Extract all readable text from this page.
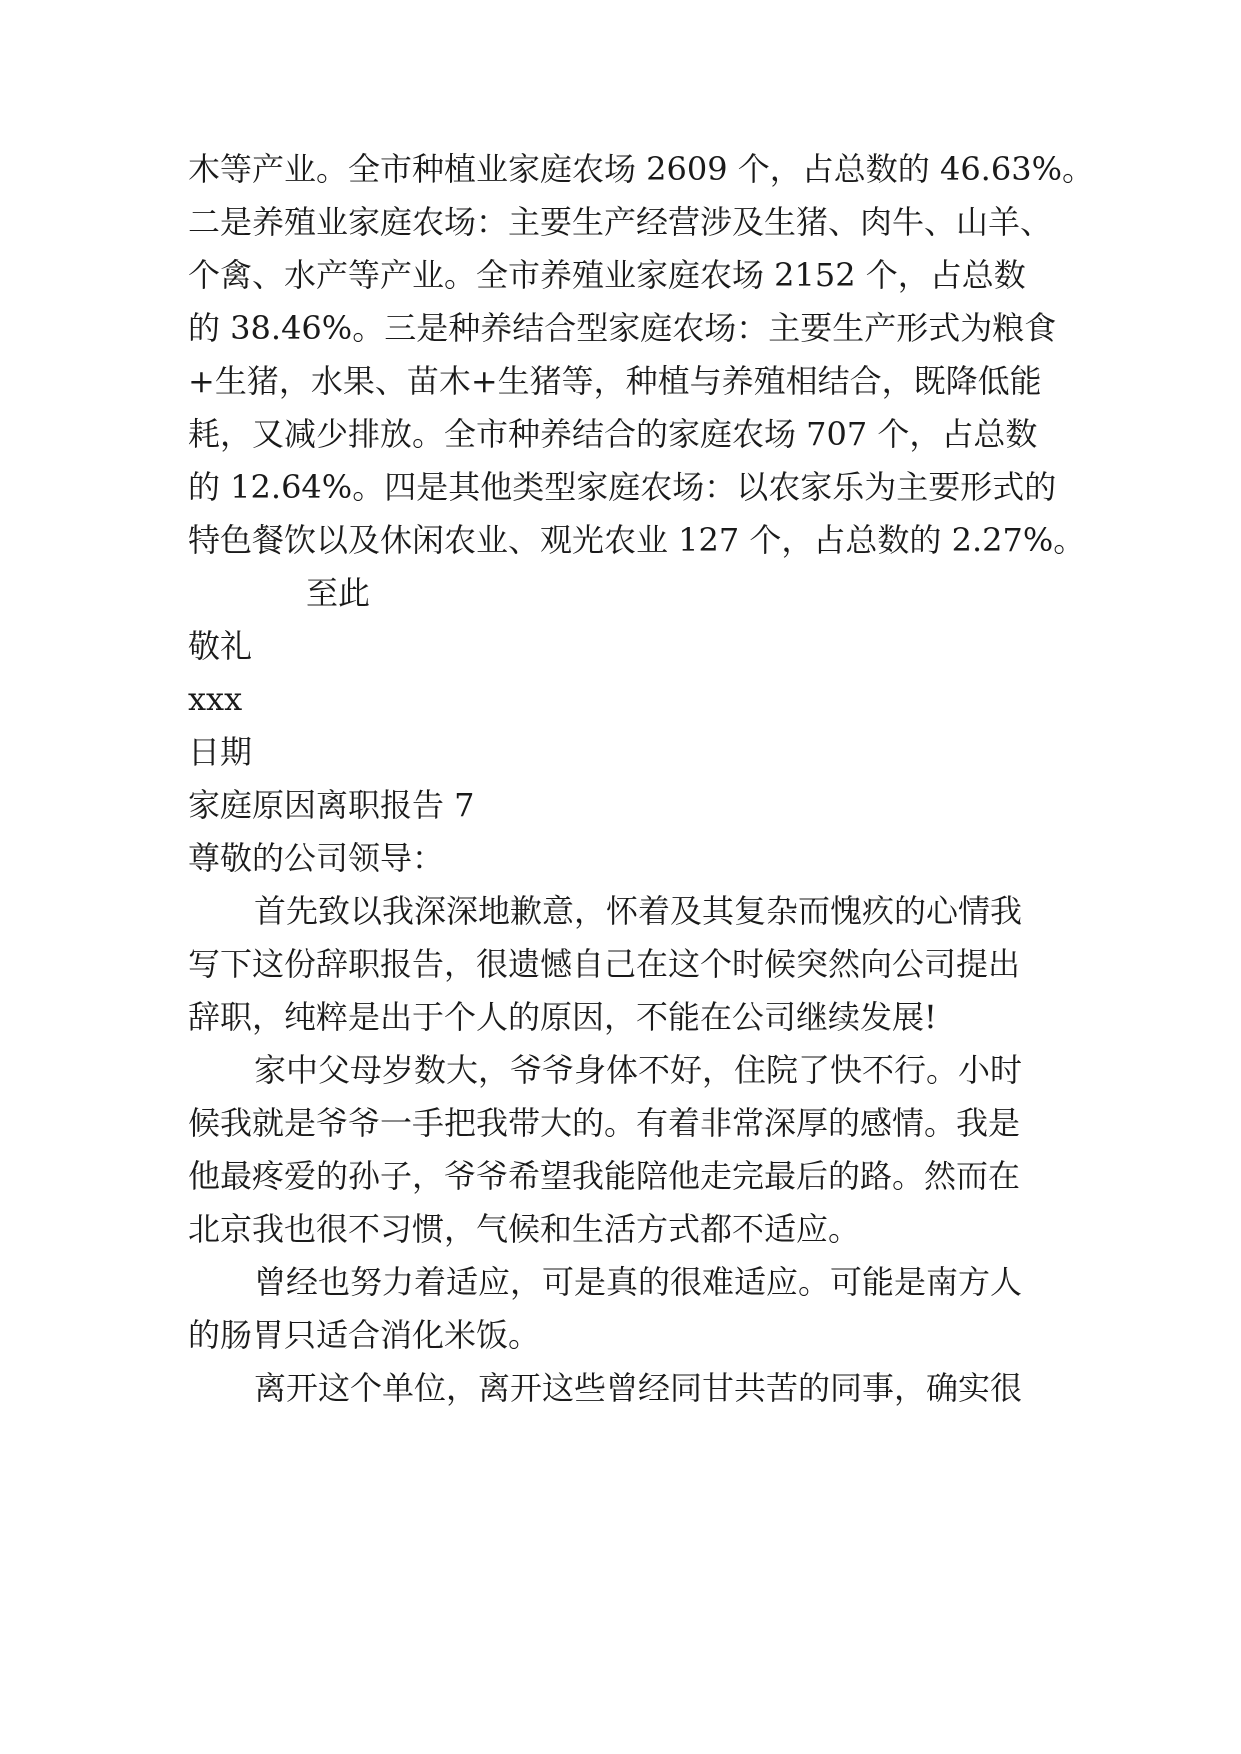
木等产业。全市种植业家庭农场 2609 个，占总数的 46.63%。
二是养殖业家庭农场：主要生产经营涉及生猪、肉牛、山羊、
个禽、水产等产业。全市养殖业家庭农场 2152 个，占总数
的 38.46%。三是种养结合型家庭农场：主要生产形式为粮食
+生猪，水果、苗木+生猪等，种植与养殖相结合，既降低能
耗，又减少排放。全市种养结合的家庭农场 707 个，占总数
的 12.64%。四是其他类型家庭农场：以农家乐为主要形式的
特色餐饮以及休闲农业、观光农业 127 个，占总数的 2.27%。
至此
敬礼
xxx
日期
家庭原因离职报告 7
尊敬的公司领导：
首先致以我深深地歉意，怀着及其复杂而愧疚的心情我
写下这份辞职报告，很遗憾自己在这个时候突然向公司提出
辞职，纯粹是出于个人的原因，不能在公司继续发展!
家中父母岁数大，爷爷身体不好，住院了快不行。小时
候我就是爷爷一手把我带大的。有着非常深厚的感情。我是
他最疼爱的孙子，爷爷希望我能陪他走完最后的路。然而在
北京我也很不习惯，气候和生活方式都不适应。
曾经也努力着适应，可是真的很难适应。可能是南方人
的肠胃只适合消化米饭。
离开这个单位，离开这些曾经同甘共苦的同事，确实很
